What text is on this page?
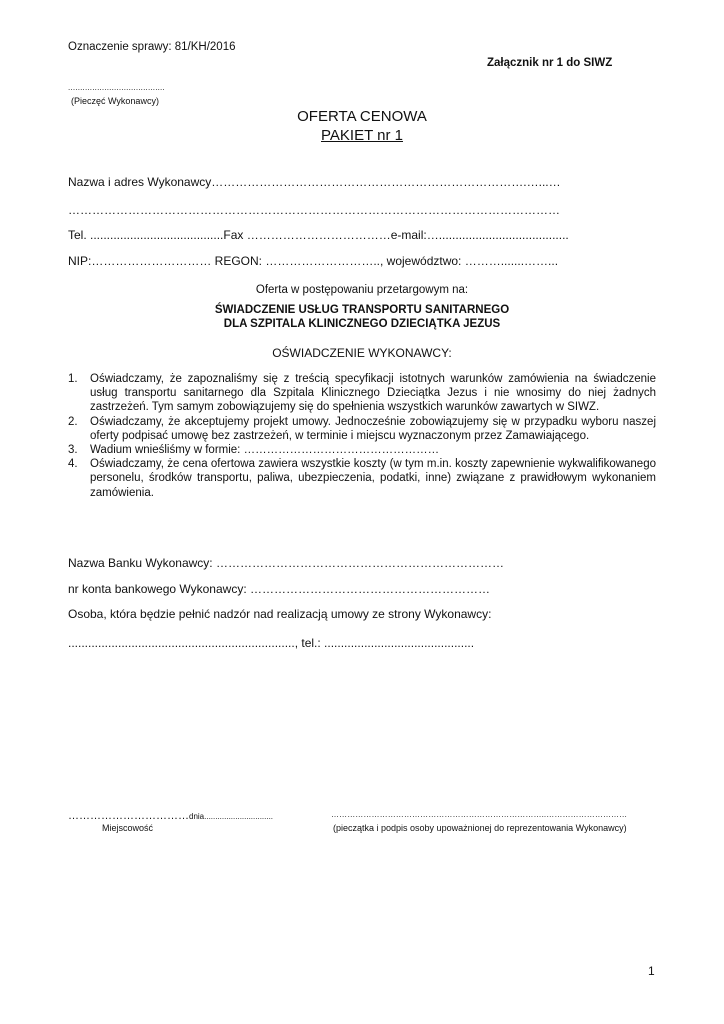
Oznaczenie sprawy: 81/KH/2016
Załącznik nr 1 do SIWZ
........................................
(Pieczęć Wykonawcy)
OFERTA CENOWA
PAKIET nr 1
Nazwa i adres Wykonawcy…………………………………………………………………….…...…
……………………………………………………………………………………………………………
Tel. ........................................Fax ………………………………e-mail:….......................................
NIP:………………………… REGON: ……………………….., województwo: ……….......……...
Oferta w postępowaniu przetargowym na:
ŚWIADCZENIE USŁUG TRANSPORTU SANITARNEGO
DLA SZPITALA KLINICZNEGO DZIECIĄTKA JEZUS
OŚWIADCZENIE WYKONAWCY:
1. Oświadczamy, że zapoznaliśmy się z treścią specyfikacji istotnych warunków zamówienia na świadczenie usług transportu sanitarnego dla Szpitala Klinicznego Dzieciątka Jezus i nie wnosimy do niej żadnych zastrzeżeń. Tym samym zobowiązujemy się do spełnienia wszystkich warunków zawartych w SIWZ.
2. Oświadczamy, że akceptujemy projekt umowy. Jednocześnie zobowiązujemy się w przypadku wyboru naszej oferty podpisać umowę bez zastrzeżeń, w terminie i miejscu wyznaczonym przez Zamawiającego.
3. Wadium wnieśliśmy w formie: ……………………………………………
4. Oświadczamy, że cena ofertowa zawiera wszystkie koszty (w tym m.in. koszty zapewnienie wykwalifikowanego personelu, środków transportu, paliwa, ubezpieczenia, podatki, inne) związane z prawidłowym wykonaniem zamówienia.
Nazwa Banku Wykonawcy: ………………………………………………………………
nr konta bankowego Wykonawcy: ……………………………………………………
Osoba, która będzie pełnić nadzór nad realizacją umowy ze strony Wykonawcy:
...................................................................., tel.: .............................................
……………………………dnia...............................	……………………………………………………………………..…………………………
Miejscowość	(pieczątka i podpis osoby upoważnionej do reprezentowania Wykonawcy)
1
